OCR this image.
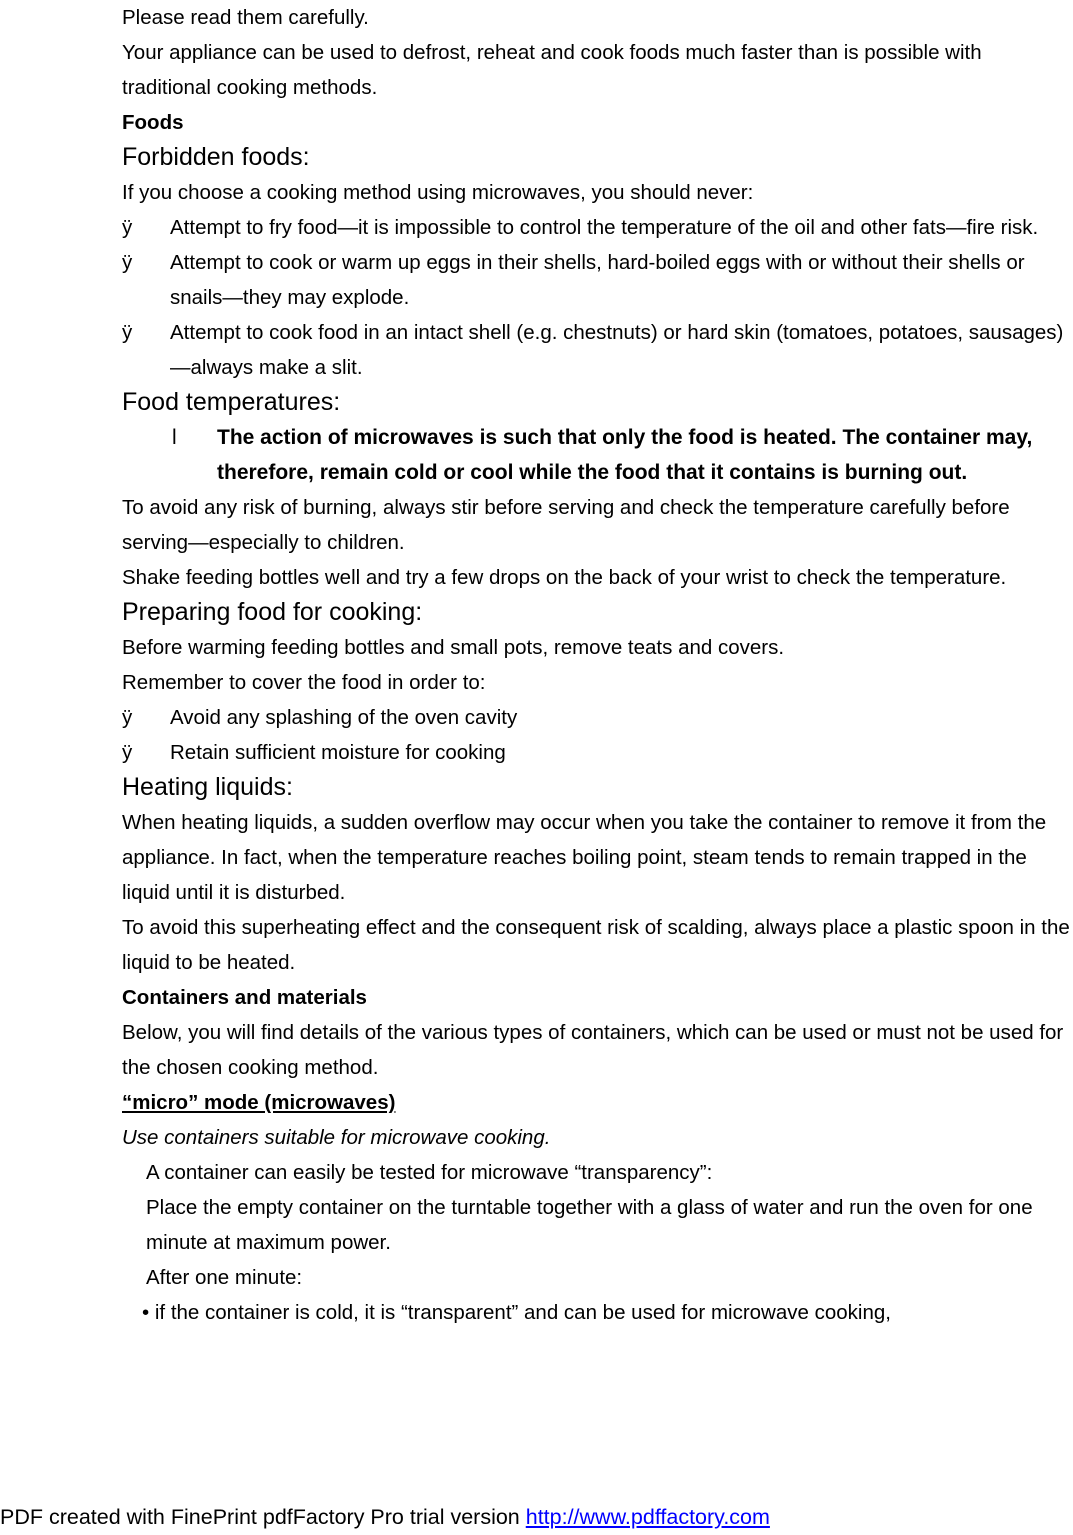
Please read them carefully.

Your appliance can be used to defrost, reheat and cook foods much faster than is possible with traditional cooking methods.

Foods

Forbidden foods:

If you choose a cooking method using microwaves, you should never:

ÿ Attempt to fry food—it is impossible to control the temperature of the oil and other fats—fire risk.
ÿ Attempt to cook or warm up eggs in their shells, hard-boiled eggs with or without their shells or snails—they may explode.
ÿ Attempt to cook food in an intact shell (e.g. chestnuts) or hard skin (tomatoes, potatoes, sausages)—always make a slit.

Food temperatures:

l The action of microwaves is such that only the food is heated. The container may, therefore, remain cold or cool while the food that it contains is burning out.

To avoid any risk of burning, always stir before serving and check the temperature carefully before serving—especially to children.

Shake feeding bottles well and try a few drops on the back of your wrist to check the temperature.

Preparing food for cooking:

Before warming feeding bottles and small pots, remove teats and covers.

Remember to cover the food in order to:

ÿ Avoid any splashing of the oven cavity
ÿ Retain sufficient moisture for cooking

Heating liquids:

When heating liquids, a sudden overflow may occur when you take the container to remove it from the appliance. In fact, when the temperature reaches boiling point, steam tends to remain trapped in the liquid until it is disturbed.

To avoid this superheating effect and the consequent risk of scalding, always place a plastic spoon in the liquid to be heated.

Containers and materials

Below, you will find details of the various types of containers, which can be used or must not be used for the chosen cooking method.

“micro” mode (microwaves)

Use containers suitable for microwave cooking.

A container can easily be tested for microwave “transparency”:

Place the empty container on the turntable together with a glass of water and run the oven for one minute at maximum power.

After one minute:

• if the container is cold, it is “transparent” and can be used for microwave cooking,

PDF created with FinePrint pdfFactory Pro trial version http://www.pdffactory.com
